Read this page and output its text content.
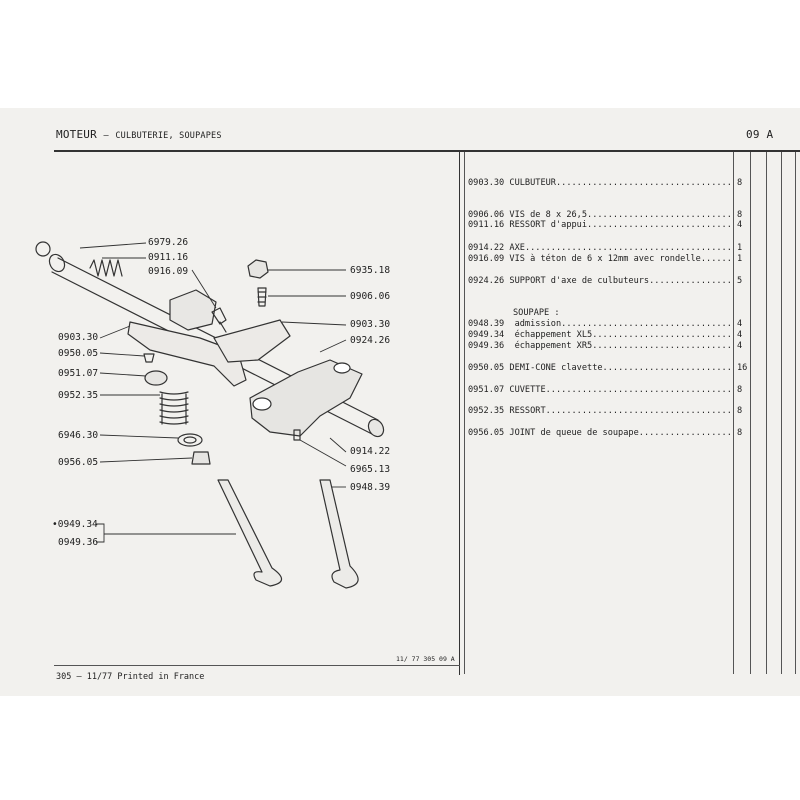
MOTEUR – CULBUTERIE, SOUPAPES	09 A
6979.26
0911.16
0916.09	6935.18
0906.06
0903.30
0903.30
0924.26
0950.05
0951.07
0952.35
6946.30
0956.05
0914.22
6965.13
0948.39
•0949.34
0949.36
0903.30 CULBUTEUR.................................. 8
0906.06 VIS de 8 x 26,5............................ 8
0911.16 RESSORT d'appui............................ 4
0914.22 AXE........................................ 1
0916.09 VIS à téton de 6 x 12mm avec rondelle...... 1
0924.26 SUPPORT d'axe de culbuteurs................ 5
SOUPAPE :
0948.39 admission................................. 4
0949.34 échappement XL5........................... 4
0949.36 échappement XR5........................... 4
0950.05 DEMI-CONE clavette......................... 16
0951.07 CUVETTE.................................... 8
0952.35 RESSORT.................................... 8
0956.05 JOINT de queue de soupape.................. 8
305 – 11/77 Printed in France
11/ 77 305 09 A
